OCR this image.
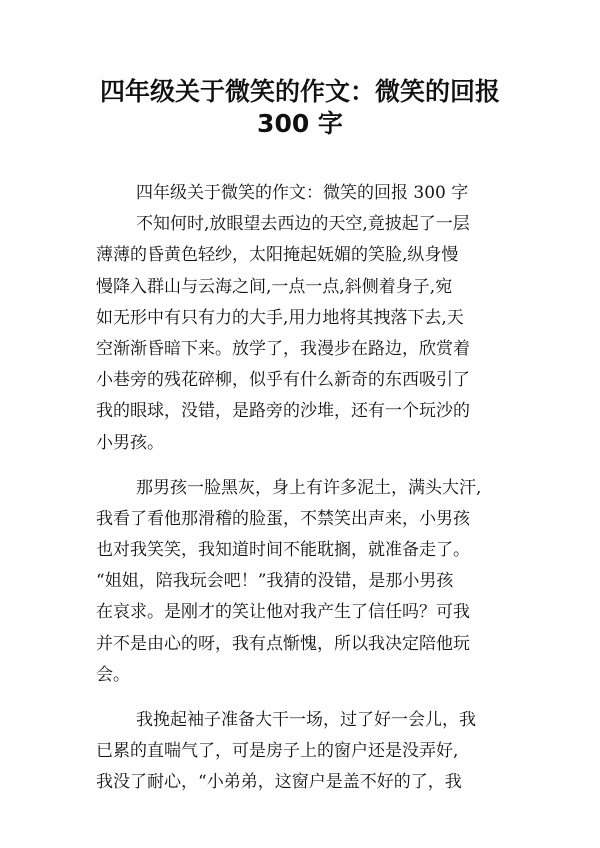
四年级关于微笑的作文：微笑的回报
300 字
四年级关于微笑的作文：微笑的回报 300 字
不知何时,放眼望去西边的天空,竟披起了一层
薄薄的昏黄色轻纱，太阳掩起妩媚的笑脸,纵身慢
慢降入群山与云海之间,一点一点,斜侧着身子,宛
如无形中有只有力的大手,用力地将其拽落下去,天
空渐渐昏暗下来。放学了，我漫步在路边，欣赏着
小巷旁的残花碎柳，似乎有什么新奇的东西吸引了
我的眼球，没错，是路旁的沙堆，还有一个玩沙的
小男孩。
那男孩一脸黑灰，身上有许多泥土，满头大汗,
我看了看他那滑稽的脸蛋，不禁笑出声来，小男孩
也对我笑笑，我知道时间不能耽搁，就准备走了。
“姐姐，陪我玩会吧！”我猜的没错，是那小男孩
在哀求。是刚才的笑让他对我产生了信任吗？可我
并不是由心的呀，我有点惭愧，所以我决定陪他玩
会。
我挽起袖子准备大干一场，过了好一会儿，我
已累的直喘气了，可是房子上的窗户还是没弄好,
我没了耐心，“小弟弟，这窗户是盖不好的了，我
